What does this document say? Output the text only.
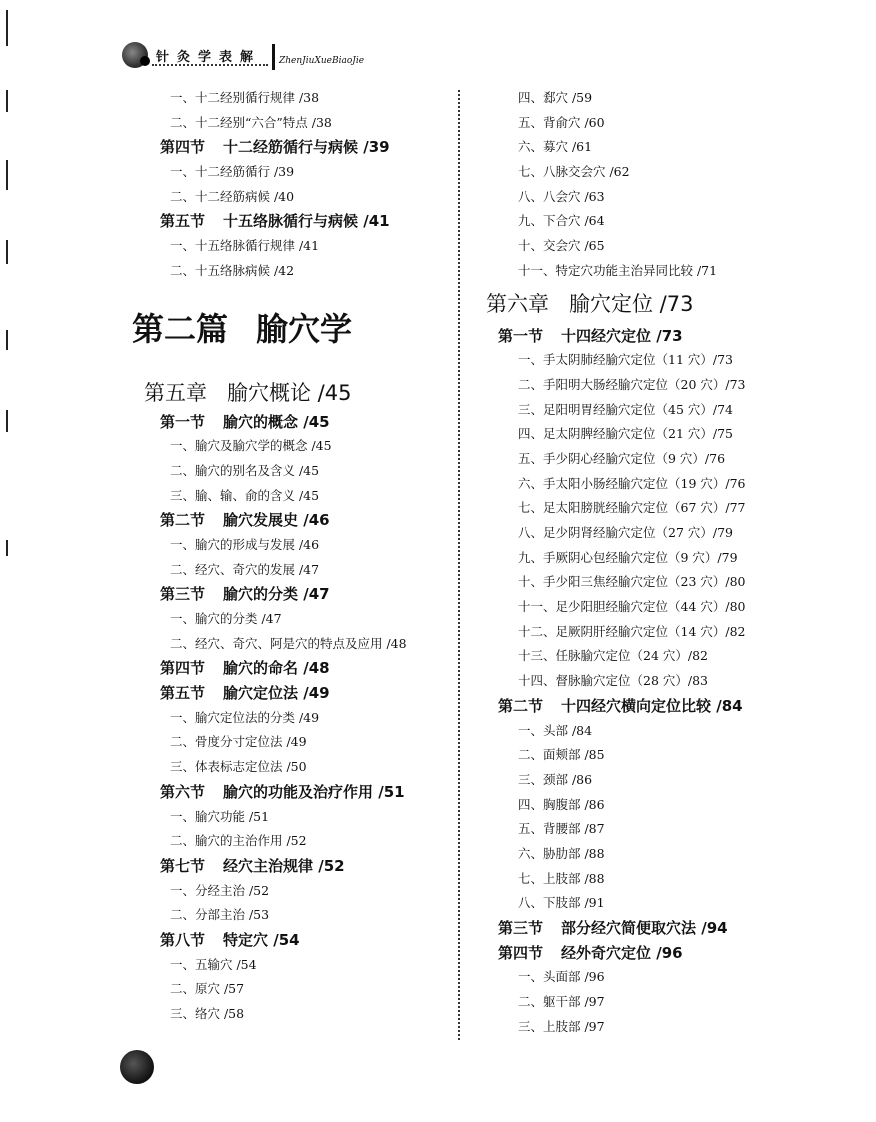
针灸学表解 ZhenJiuXueBiaoJie
一、十二经别循行规律 /38
二、十二经别“六合”特点 /38
第四节 十二经筋循行与病候 /39
一、十二经筋循行 /39
二、十二经筋病候 /40
第五节 十五络脉循行与病候 /41
一、十五络脉循行规律 /41
二、十五络脉病候 /42
第二篇 腧穴学
第五章 腧穴概论 /45
第一节 腧穴的概念 /45
一、腧穴及腧穴学的概念 /45
二、腧穴的别名及含义 /45
三、腧、输、俞的含义 /45
第二节 腧穴发展史 /46
一、腧穴的形成与发展 /46
二、经穴、奇穴的发展 /47
第三节 腧穴的分类 /47
一、腧穴的分类 /47
二、经穴、奇穴、阿是穴的特点及应用 /48
第四节 腧穴的命名 /48
第五节 腧穴定位法 /49
一、腧穴定位法的分类 /49
二、骨度分寸定位法 /49
三、体表标志定位法 /50
第六节 腧穴的功能及治疗作用 /51
一、腧穴功能 /51
二、腧穴的主治作用 /52
第七节 经穴主治规律 /52
一、分经主治 /52
二、分部主治 /53
第八节 特定穴 /54
一、五输穴 /54
二、原穴 /57
三、络穴 /58
四、郄穴 /59
五、背俞穴 /60
六、募穴 /61
七、八脉交会穴 /62
八、八会穴 /63
九、下合穴 /64
十、交会穴 /65
十一、特定穴功能主治异同比较 /71
第六章 腧穴定位 /73
第一节 十四经穴定位 /73
一、手太阴肺经腧穴定位（11 穴）/73
二、手阳明大肠经腧穴定位（20 穴）/73
三、足阳明胃经腧穴定位（45 穴）/74
四、足太阴脾经腧穴定位（21 穴）/75
五、手少阴心经腧穴定位（9 穴）/76
六、手太阳小肠经腧穴定位（19 穴）/76
七、足太阳膀胱经腧穴定位（67 穴）/77
八、足少阴肾经腧穴定位（27 穴）/79
九、手厥阴心包经腧穴定位（9 穴）/79
十、手少阳三焦经腧穴定位（23 穴）/80
十一、足少阳胆经腧穴定位（44 穴）/80
十二、足厥阴肝经腧穴定位（14 穴）/82
十三、任脉腧穴定位（24 穴）/82
十四、督脉腧穴定位（28 穴）/83
第二节 十四经穴横向定位比较 /84
一、头部 /84
二、面颊部 /85
三、颈部 /86
四、胸腹部 /86
五、背腰部 /87
六、胁肋部 /88
七、上肢部 /88
八、下肢部 /91
第三节 部分经穴简便取穴法 /94
第四节 经外奇穴定位 /96
一、头面部 /96
二、躯干部 /97
三、上肢部 /97
